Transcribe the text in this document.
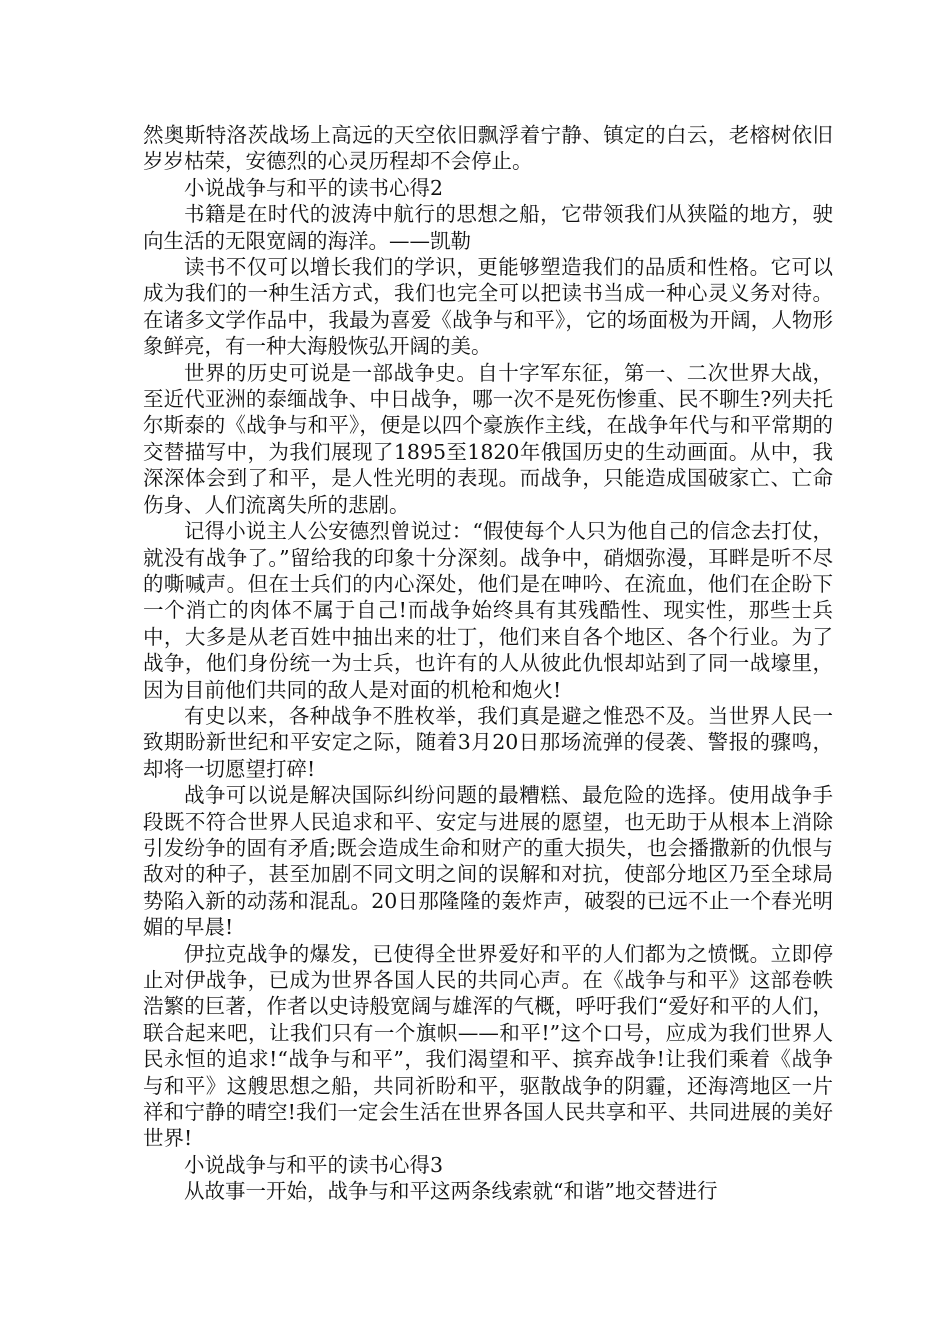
然奥斯特洛茨战场上高远的天空依旧飘浮着宁静、镇定的白云，老榕树依旧岁岁枯荣，安德烈的心灵历程却不会停止。

小说战争与和平的读书心得2

书籍是在时代的波涛中航行的思想之船，它带领我们从狭隘的地方，驶向生活的无限宽阔的海洋。——凯勒

读书不仅可以增长我们的学识，更能够塑造我们的品质和性格。它可以成为我们的一种生活方式，我们也完全可以把读书当成一种心灵义务对待。在诸多文学作品中，我最为喜爱《战争与和平》，它的场面极为开阔，人物形象鲜亮，有一种大海般恢弘开阔的美。

世界的历史可说是一部战争史。自十字军东征，第一、二次世界大战，至近代亚洲的泰缅战争、中日战争，哪一次不是死伤惨重、民不聊生?列夫托尔斯泰的《战争与和平》，便是以四个豪族作主线，在战争年代与和平常期的交替描写中，为我们展现了1895至1820年俄国历史的生动画面。从中，我深深体会到了和平，是人性光明的表现。而战争，只能造成国破家亡、亡命伤身、人们流离失所的悲剧。

记得小说主人公安德烈曾说过：“假使每个人只为他自己的信念去打仗，就没有战争了。”留给我的印象十分深刻。战争中，硝烟弥漫，耳畔是听不尽的嘶喊声。但在士兵们的内心深处，他们是在呻吟、在流血，他们在企盼下一个消亡的肉体不属于自己!而战争始终具有其残酷性、现实性，那些士兵中，大多是从老百姓中抽出来的壮丁，他们来自各个地区、各个行业。为了战争，他们身份统一为士兵，也许有的人从彼此仇恨却站到了同一战壕里，因为目前他们共同的敌人是对面的机枪和炮火!

有史以来，各种战争不胜枚举，我们真是避之惟恐不及。当世界人民一致期盼新世纪和平安定之际，随着3月20日那场流弹的侵袭、警报的骤鸣，却将一切愿望打碎!

战争可以说是解决国际纠纷问题的最糟糕、最危险的选择。使用战争手段既不符合世界人民追求和平、安定与进展的愿望，也无助于从根本上消除引发纷争的固有矛盾;既会造成生命和财产的重大损失，也会播撒新的仇恨与敌对的种子，甚至加剧不同文明之间的误解和对抗，使部分地区乃至全球局势陷入新的动荡和混乱。20日那隆隆的轰炸声，破裂的已远不止一个春光明媚的早晨!

伊拉克战争的爆发，已使得全世界爱好和平的人们都为之愤慨。立即停止对伊战争，已成为世界各国人民的共同心声。在《战争与和平》这部卷帙浩繁的巨著，作者以史诗般宽阔与雄浑的气概，呼吁我们“爱好和平的人们，联合起来吧，让我们只有一个旗帜——和平!”这个口号，应成为我们世界人民永恒的追求!“战争与和平”，我们渴望和平、摈弃战争!让我们乘着《战争与和平》这艘思想之船，共同祈盼和平，驱散战争的阴霾，还海湾地区一片祥和宁静的晴空!我们一定会生活在世界各国人民共享和平、共同进展的美好世界!

小说战争与和平的读书心得3

从故事一开始，战争与和平这两条线索就“和谐”地交替进行
